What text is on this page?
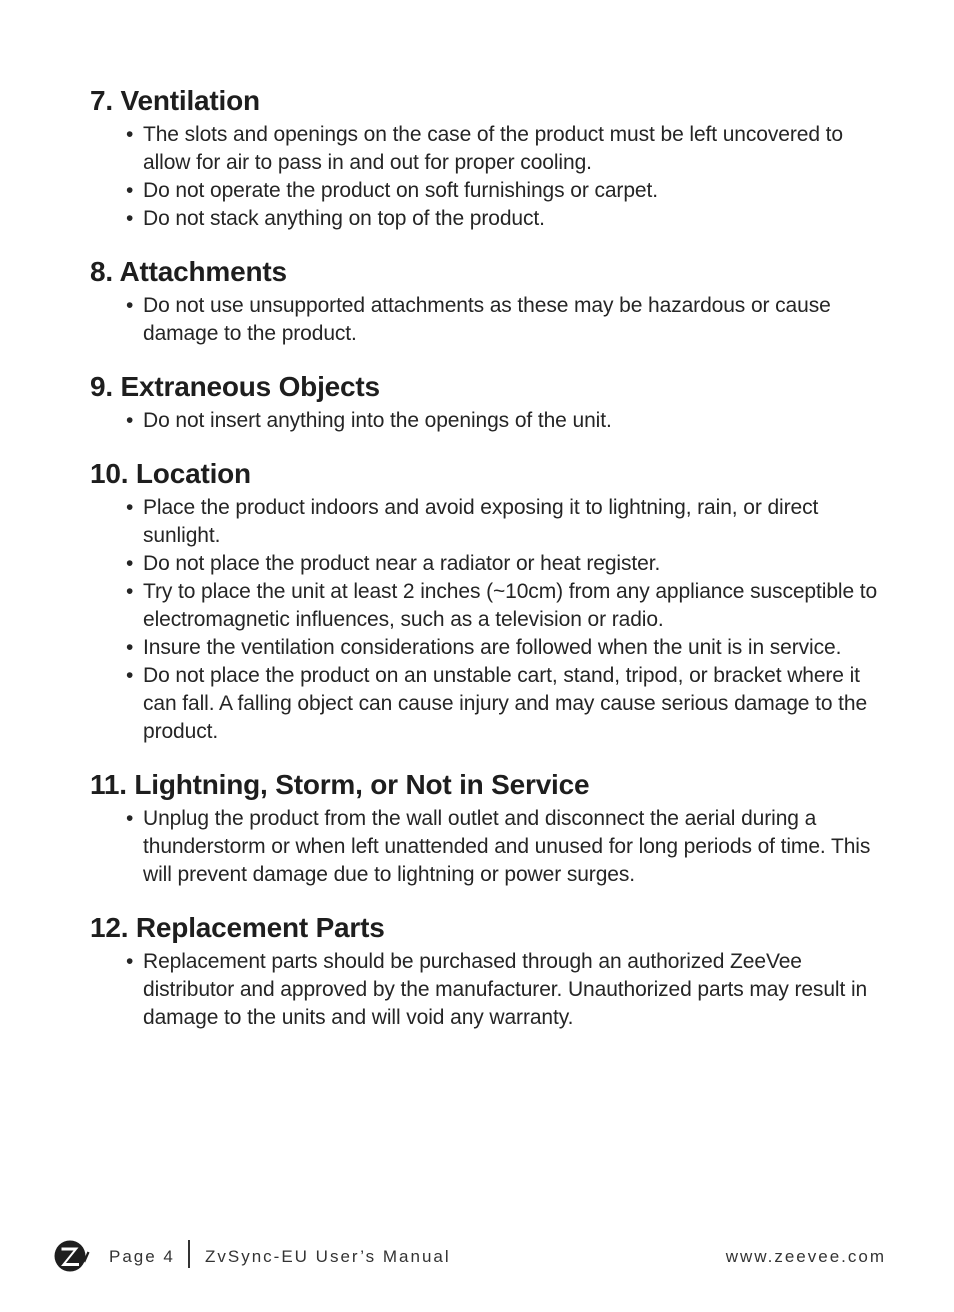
7. Ventilation
• The slots and openings on the case of the product must be left uncovered to allow for air to pass in and out for proper cooling.
• Do not operate the product on soft furnishings or carpet.
• Do not stack anything on top of the product.
8. Attachments
• Do not use unsupported attachments as these may be hazardous or cause damage to the product.
9. Extraneous Objects
• Do not insert anything into the openings of the unit.
10. Location
• Place the product indoors and avoid exposing it to lightning, rain, or direct sunlight.
• Do not place the product near a radiator or heat register.
• Try to place the unit at least 2 inches (~10cm) from any appliance susceptible to electromagnetic influences, such as a television or radio.
• Insure the ventilation considerations are followed when the unit is in service.
• Do not place the product on an unstable cart, stand, tripod, or bracket where it can fall. A falling object can cause injury and may cause serious damage to the product.
11. Lightning, Storm, or Not in Service
• Unplug the product from the wall outlet and disconnect the aerial during a thunderstorm or when left unattended and unused for long periods of time. This will prevent damage due to lightning or power surges.
12. Replacement Parts
• Replacement parts should be purchased through an authorized ZeeVee distributor and approved by the manufacturer. Unauthorized parts may result in damage to the units and will void any warranty.
Page 4 ZvSync-EU User’s Manual	www.zeevee.com
